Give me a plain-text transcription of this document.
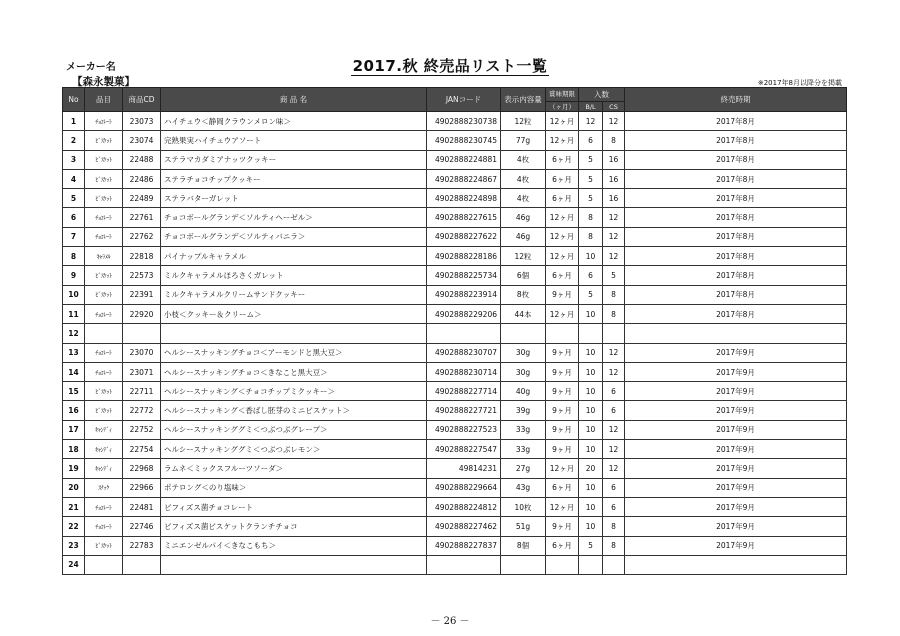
メーカー名
【森永製菓】
2017.秋 終売品リスト一覧
※2017年8月以降分を掲載
No	品目	商品CD	商 品 名	JANコード	表示内容量	賞味期限	入数		終売時期
						（ヶ月）	B/L	CS	
1	ﾁｮｺﾚｰﾄ	23073	ハイチュウ＜静岡クラウンメロン味＞	4902888230738	12粒	12ヶ月	12	12	2017年8月
2	ﾋﾞｽｹｯﾄ	23074	完熟果実ハイチュウアソート	4902888230745	77g	12ヶ月	6	8	2017年8月
3	ﾋﾞｽｹｯﾄ	22488	ステラマカダミアナッツクッキー	4902888224881	4枚	6ヶ月	5	16	2017年8月
4	ﾋﾞｽｹｯﾄ	22486	ステラチョコチップクッキー	4902888224867	4枚	6ヶ月	5	16	2017年8月
5	ﾋﾞｽｹｯﾄ	22489	ステラバターガレット	4902888224898	4枚	6ヶ月	5	16	2017年8月
6	ﾁｮｺﾚｰﾄ	22761	チョコボールグランデ＜ソルティヘーゼル＞	4902888227615	46g	12ヶ月	8	12	2017年8月
7	ﾁｮｺﾚｰﾄ	22762	チョコボールグランデ＜ソルティバニラ＞	4902888227622	46g	12ヶ月	8	12	2017年8月
8	ｷｬﾗﾒﾙ	22818	パイナップルキャラメル	4902888228186	12粒	12ヶ月	10	12	2017年8月
9	ﾋﾞｽｹｯﾄ	22573	ミルクキャラメルほろさくガレット	4902888225734	6個	6ヶ月	6	5	2017年8月
10	ﾋﾞｽｹｯﾄ	22391	ミルクキャラメルクリームサンドクッキー	4902888223914	8枚	9ヶ月	5	8	2017年8月
11	ﾁｮｺﾚｰﾄ	22920	小枝＜クッキー＆クリーム＞	4902888229206	44本	12ヶ月	10	8	2017年8月
12									
13	ﾁｮｺﾚｰﾄ	23070	ヘルシースナッキングチョコ＜アーモンドと黒大豆＞	4902888230707	30g	9ヶ月	10	12	2017年9月
14	ﾁｮｺﾚｰﾄ	23071	ヘルシースナッキングチョコ＜きなこと黒大豆＞	4902888230714	30g	9ヶ月	10	12	2017年9月
15	ﾋﾞｽｹｯﾄ	22711	ヘルシースナッキング＜チョコチップミクッキー＞	4902888227714	40g	9ヶ月	10	6	2017年9月
16	ﾋﾞｽｹｯﾄ	22772	ヘルシースナッキング＜香ばし胚芽のミニビスケット＞	4902888227721	39g	9ヶ月	10	6	2017年9月
17	ｷｬﾝﾃﾞｨ	22752	ヘルシースナッキンググミ＜つぶつぶグレープ＞	4902888227523	33g	9ヶ月	10	12	2017年9月
18	ｷｬﾝﾃﾞｨ	22754	ヘルシースナッキンググミ＜つぶつぶレモン＞	4902888227547	33g	9ヶ月	10	12	2017年9月
19	ｷｬﾝﾃﾞｨ	22968	ラムネ＜ミックスフルーツソーダ＞	49814231	27g	12ヶ月	20	12	2017年9月
20	ｽﾅｯｸ	22966	ポテロング＜のり塩味＞	4902888229664	43g	6ヶ月	10	6	2017年9月
21	ﾁｮｺﾚｰﾄ	22481	ビフィズス菌チョコレート	4902888224812	10枚	12ヶ月	10	6	2017年9月
22	ﾁｮｺﾚｰﾄ	22746	ビフィズス菌ビスケットクランチチョコ	4902888227462	51g	9ヶ月	10	8	2017年9月
23	ﾋﾞｽｹｯﾄ	22783	ミニエンゼルパイ＜きなこもち＞	4902888227837	8個	6ヶ月	5	8	2017年9月
24									
－ 26 －
